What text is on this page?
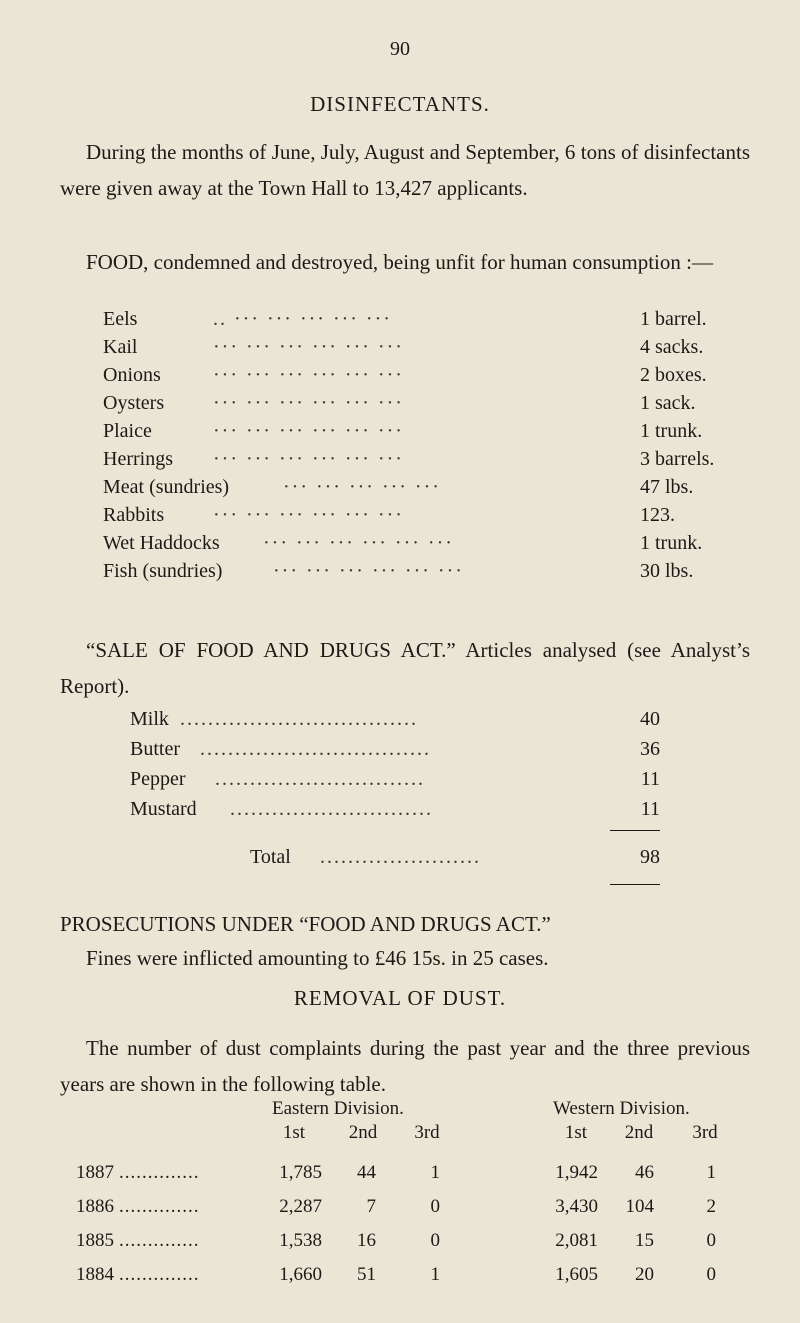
90
DISINFECTANTS.
During the months of June, July, August and September, 6 tons of disinfectants were given away at the Town Hall to 13,427 applicants.
FOOD, condemned and destroyed, being unfit for human consumption :—
Eels	.. ··· ··· ··· ··· ···	1 barrel.
Kail	··· ··· ··· ··· ··· ···	4 sacks.
Onions	··· ··· ··· ··· ··· ···	2 boxes.
Oysters ··· ··· ··· ··· ··· ···	1 sack.
Plaice	··· ··· ··· ··· ··· ···	1 trunk.
Herrings ··· ··· ··· ··· ··· ···	3 barrels.
Meat (sundries)	··· ··· ··· ··· ···	47 lbs.
Rabbits ··· ··· ··· ··· ··· ···	123.
Wet Haddocks ··· ··· ··· ··· ··· ···	1 trunk.
Fish (sundries)	··· ··· ··· ··· ··· ···	30 lbs.
“SALE OF FOOD AND DRUGS ACT.” Articles analysed (see Analyst’s Report).
Milk ..................................	40
Butter .................................	36
Pepper ..............................	11
Mustard .............................	11
Total .......................	98
PROSECUTIONS UNDER “FOOD AND DRUGS ACT.”
Fines were inflicted amounting to £46 15s. in 25 cases.
REMOVAL OF DUST.
The number of dust complaints during the past year and the three previous years are shown in the following table.
Eastern Division.	Western Division.
1st	2nd	3rd	1st	2nd	3rd
1887 ..............	1,785	44	1	1,942	46	1
1886 ..............	2,287	7	0	3,430	104	2
1885 ..............	1,538	16	0	2,081	15	0
1884 ..............	1,660	51	1	1,605	20	0
